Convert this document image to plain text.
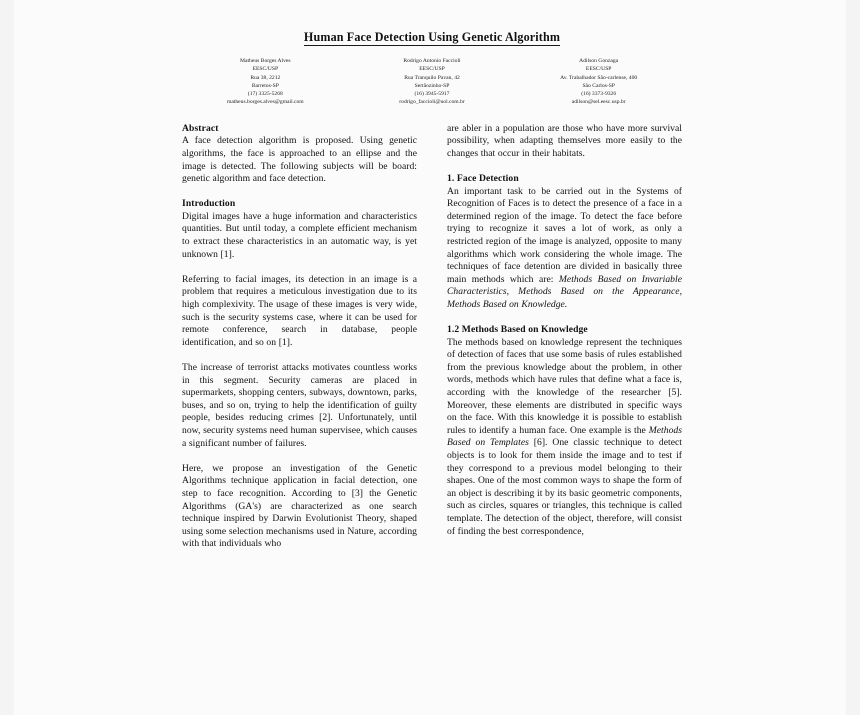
Human Face Detection Using Genetic Algorithm
Matheus Borges Alves
EESC/USP
Rua 38, 2212
Barretos-SP
(17) 3325-5268
matheus.borges.alves@gmail.com
Rodrigo Antonio Faccioli
EESC/USP
Rua Tranquilo Pavan, 42
Sertãozinho-SP
(16) 3945-5917
rodrigo_faccioli@uol.com.br
Adilson Gonzaga
EESC/USP
Av. Trabalhador São-carlense, 400
São Carlos-SP
(16) 3373-9326
adilson@sel.eesc.usp.br
Abstract

A face detection algorithm is proposed. Using genetic algorithms, the face is approached to an ellipse and the image is detected. The following subjects will be board: genetic algorithm and face detection.

Introduction

Digital images have a huge information and characteristics quantities. But until today, a complete efficient mechanism to extract these characteristics in an automatic way, is yet unknown [1].

Referring to facial images, its detection in an image is a problem that requires a meticulous investigation due to its high complexivity. The usage of these images is very wide, such is the security systems case, where it can be used for remote conference, search in database, people identification, and so on [1].

The increase of terrorist attacks motivates countless works in this segment. Security cameras are placed in supermarkets, shopping centers, subways, downtown, parks, buses, and so on, trying to help the identification of guilty people, besides reducing crimes [2]. Unfortunately, until now, security systems need human supervisee, which causes a significant number of failures.

Here, we propose an investigation of the Genetic Algorithms technique application in facial detection, one step to face recognition. According to [3] the Genetic Algorithms (GA's) are characterized as one search technique inspired by Darwin Evolutionist Theory, shaped using some selection mechanisms used in Nature, according with that individuals who

are abler in a population are those who have more survival possibility, when adapting themselves more easily to the changes that occur in their habitats.

1. Face Detection

An important task to be carried out in the Systems of Recognition of Faces is to detect the presence of a face in a determined region of the image. To detect the face before trying to recognize it saves a lot of work, as only a restricted region of the image is analyzed, opposite to many algorithms which work considering the whole image. The techniques of face detention are divided in basically three main methods which are: Methods Based on Invariable Characteristics, Methods Based on the Appearance, Methods Based on Knowledge.

1.2 Methods Based on Knowledge

The methods based on knowledge represent the techniques of detection of faces that use some basis of rules established from the previous knowledge about the problem, in other words, methods which have rules that define what a face is, according with the knowledge of the researcher [5]. Moreover, these elements are distributed in specific ways on the face. With this knowledge it is possible to establish rules to identify a human face. One example is the Methods Based on Templates [6]. One classic technique to detect objects is to look for them inside the image and to test if they correspond to a previous model belonging to their shapes. One of the most common ways to shape the form of an object is describing it by its basic geometric components, such as circles, squares or triangles, this technique is called template. The detection of the object, therefore, will consist of finding the best correspondence,
